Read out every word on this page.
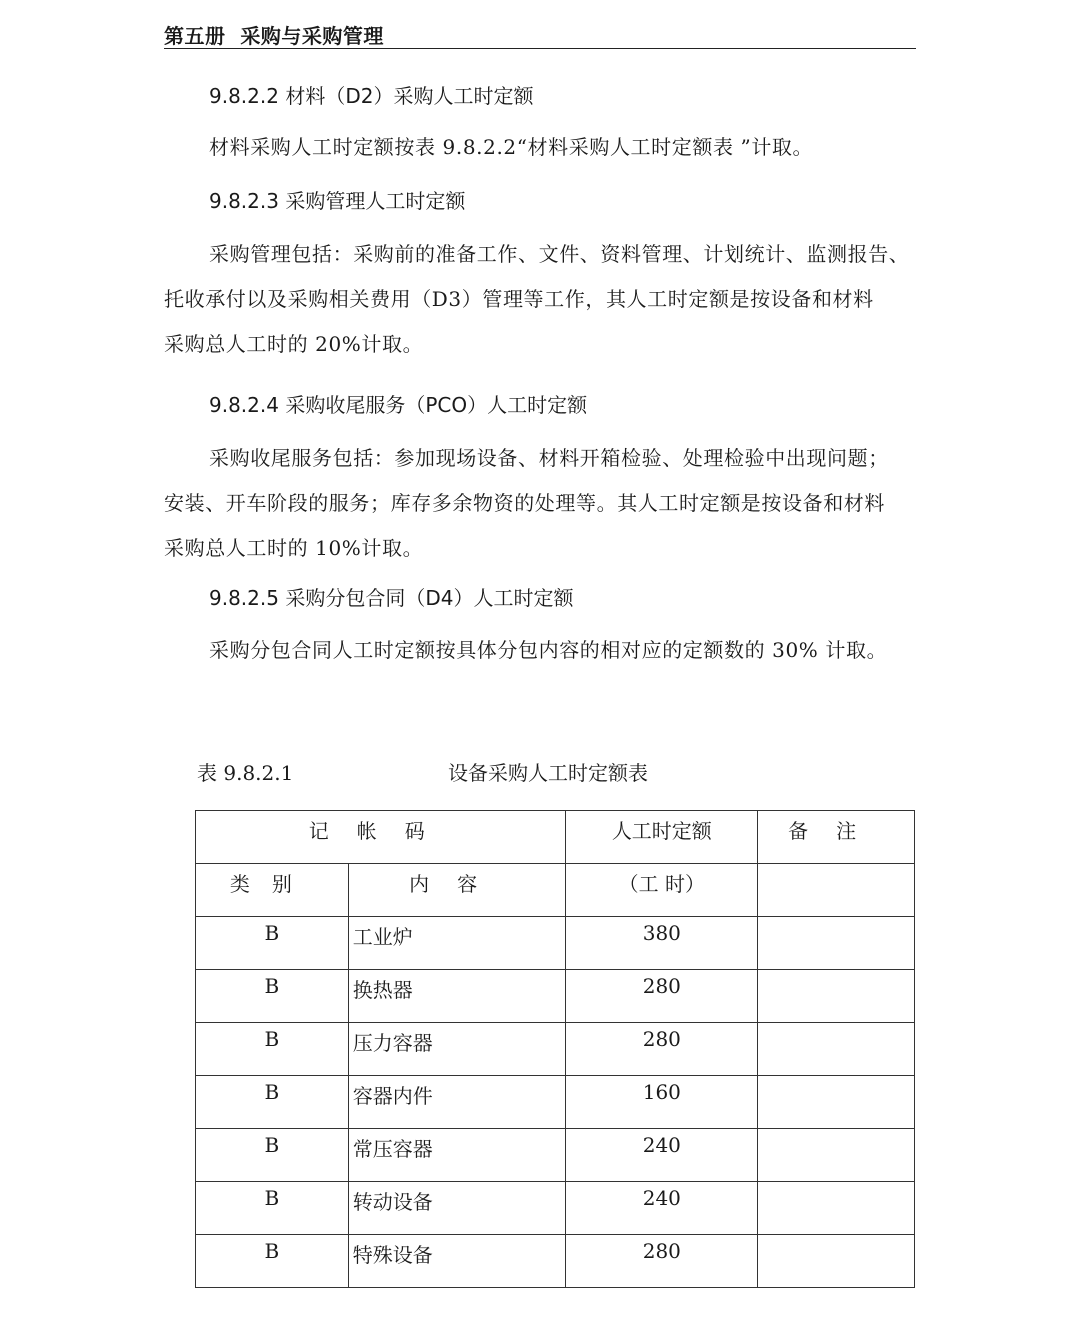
第五册  采购与采购管理
9.8.2.2 材料（D2）采购人工时定额
材料采购人工时定额按表 9.8.2.2“材料采购人工时定额表 ”计取。
9.8.2.3 采购管理人工时定额
采购管理包括：采购前的准备工作、文件、资料管理、计划统计、监测报告、
托收承付以及采购相关费用（D3）管理等工作，其人工时定额是按设备和材料
采购总人工时的 20%计取。
9.8.2.4 采购收尾服务（PCO）人工时定额
采购收尾服务包括：参加现场设备、材料开箱检验、处理检验中出现问题；
安装、开车阶段的服务；库存多余物资的处理等。其人工时定额是按设备和材料
采购总人工时的 10%计取。
9.8.2.5 采购分包合同（D4）人工时定额
采购分包合同人工时定额按具体分包内容的相对应的定额数的 30% 计取。
表 9.8.2.1	设备采购人工时定额表
记帐码		人工时定额	备注
类别	内容	（工 时）	
B	工业炉	380	
B	换热器	280	
B	压力容器	280	
B	容器内件	160	
B	常压容器	240	
B	转动设备	240	
B	特殊设备	280	
